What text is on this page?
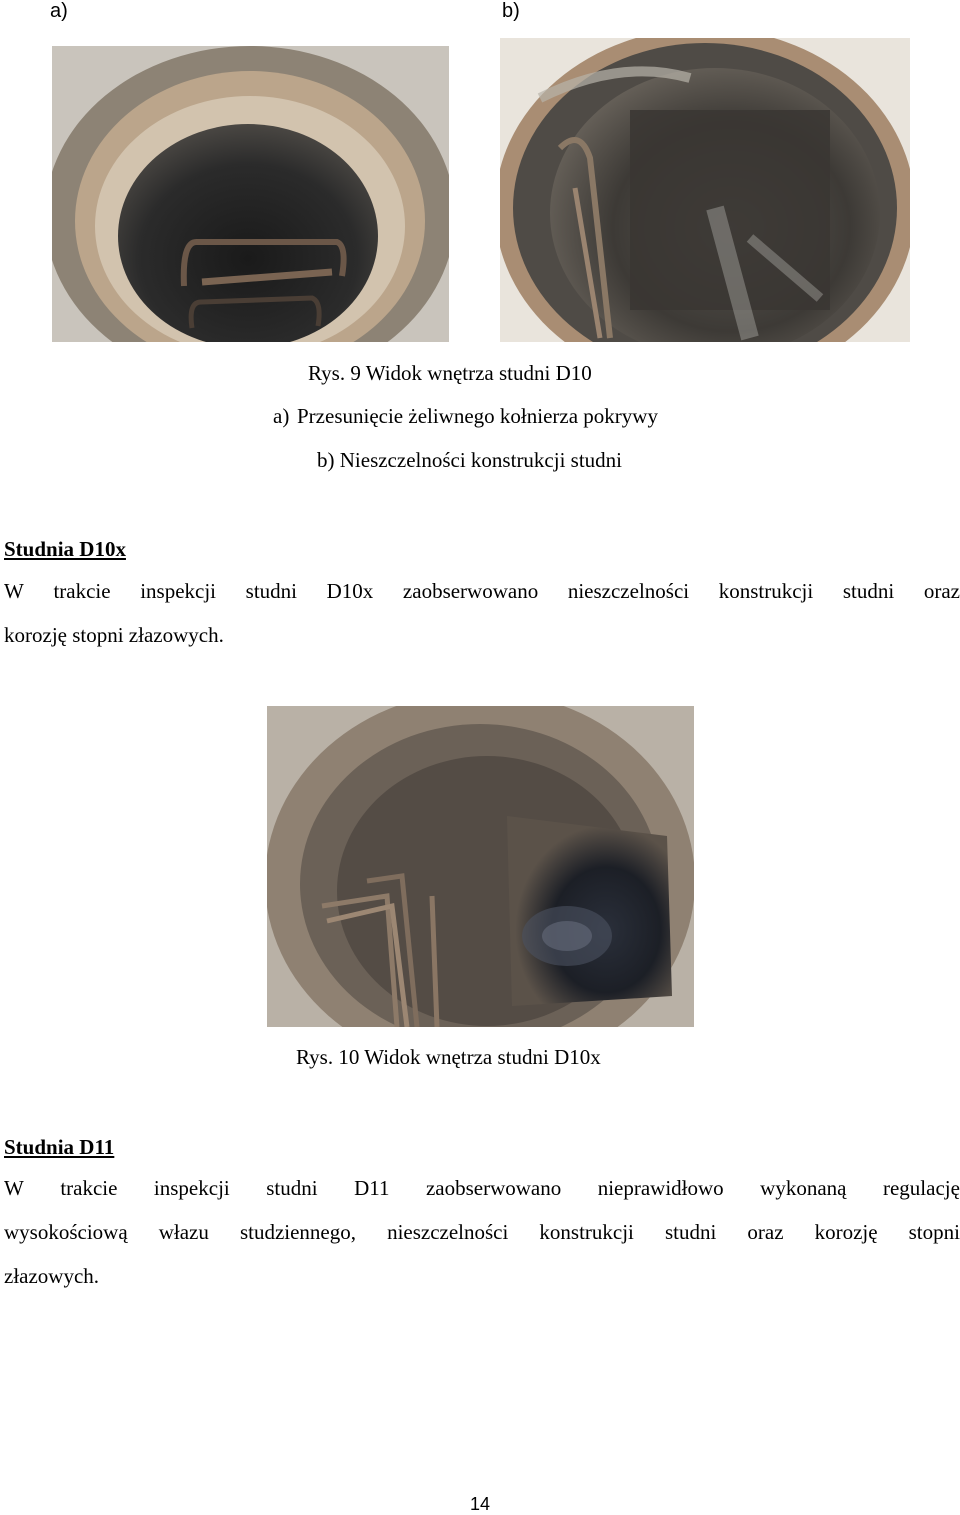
a)	b)
Rys. 9 Widok wnętrza studni D10
a) Przesunięcie żeliwnego kołnierza pokrywy
b) Nieszczelności konstrukcji studni
Studnia D10x
W trakcie inspekcji studni D10x zaobserwowano nieszczelności konstrukcji studni oraz
korozję stopni złazowych.
Rys. 10 Widok wnętrza studni D10x
Studnia D11
W trakcie inspekcji studni D11 zaobserwowano nieprawidłowo wykonaną regulację
wysokościową włazu studziennego, nieszczelności konstrukcji studni oraz korozję stopni
złazowych.
14
